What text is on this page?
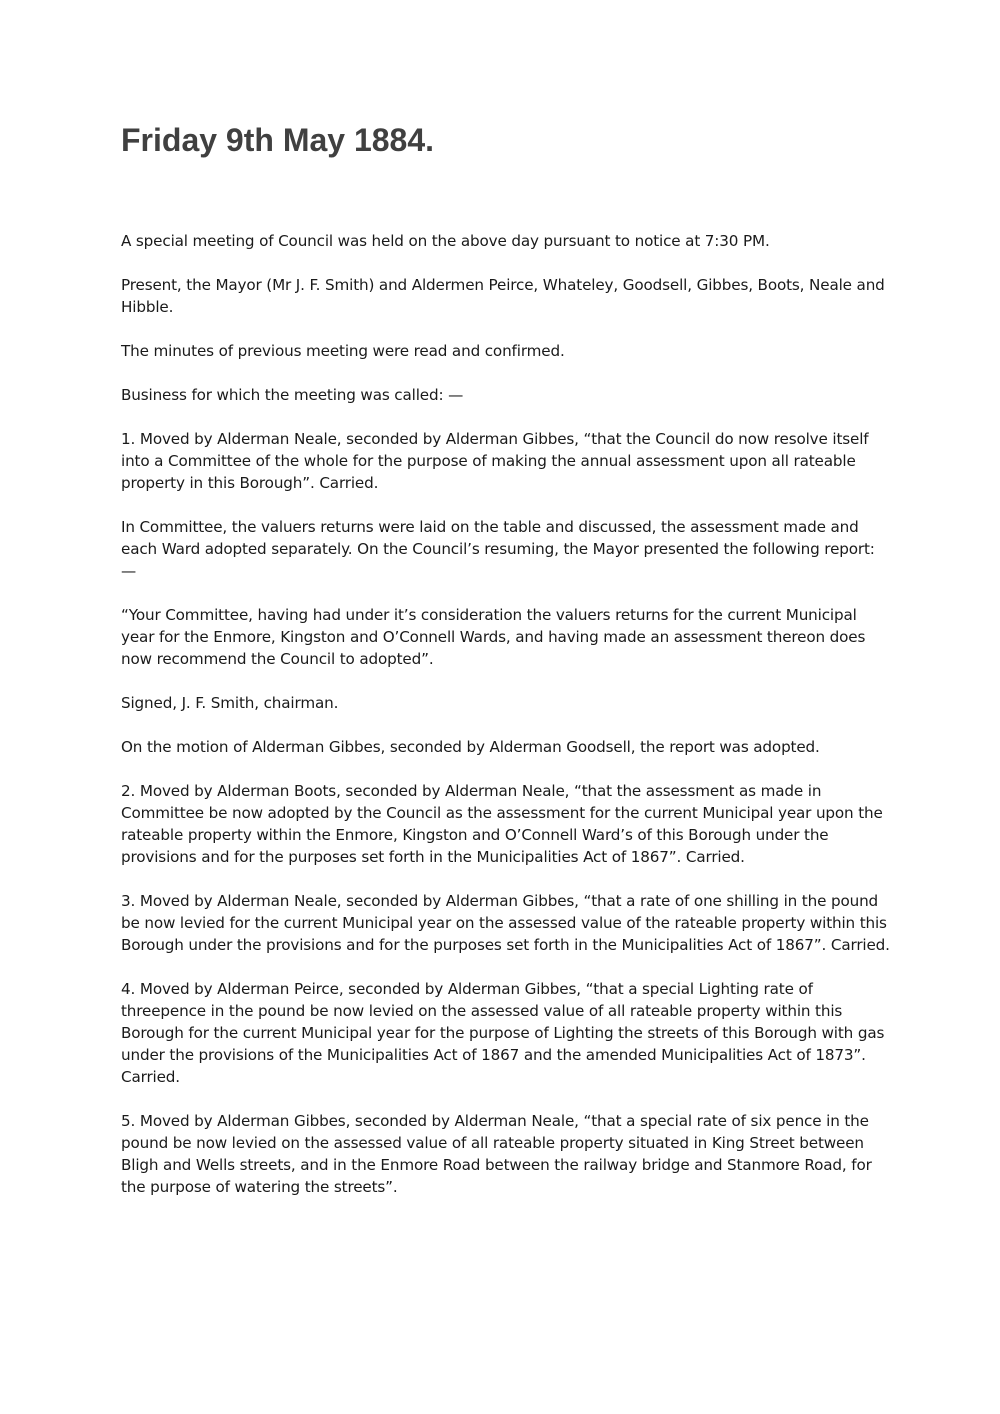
Friday 9th May 1884.

A special meeting of Council was held on the above day pursuant to notice at 7:30 PM.

Present, the Mayor (Mr J. F. Smith) and Aldermen Peirce, Whateley, Goodsell, Gibbes, Boots, Neale and Hibble.

The minutes of previous meeting were read and confirmed.

Business for which the meeting was called: —

1. Moved by Alderman Neale, seconded by Alderman Gibbes, “that the Council do now resolve itself into a Committee of the whole for the purpose of making the annual assessment upon all rateable property in this Borough”. Carried.

In Committee, the valuers returns were laid on the table and discussed, the assessment made and each Ward adopted separately. On the Council’s resuming, the Mayor presented the following report: —

“Your Committee, having had under it’s consideration the valuers returns for the current Municipal year for the Enmore, Kingston and O’Connell Wards, and having made an assessment thereon does now recommend the Council to adopted”.

Signed, J. F. Smith, chairman.

On the motion of Alderman Gibbes, seconded by Alderman Goodsell, the report was adopted.

2. Moved by Alderman Boots, seconded by Alderman Neale, “that the assessment as made in Committee be now adopted by the Council as the assessment for the current Municipal year upon the rateable property within the Enmore, Kingston and O’Connell Ward’s of this Borough under the provisions and for the purposes set forth in the Municipalities Act of 1867”. Carried.

3. Moved by Alderman Neale, seconded by Alderman Gibbes, “that a rate of one shilling in the pound be now levied for the current Municipal year on the assessed value of the rateable property within this Borough under the provisions and for the purposes set forth in the Municipalities Act of 1867”. Carried.

4. Moved by Alderman Peirce, seconded by Alderman Gibbes, “that a special Lighting rate of threepence in the pound be now levied on the assessed value of all rateable property within this Borough for the current Municipal year for the purpose of Lighting the streets of this Borough with gas under the provisions of the Municipalities Act of 1867 and the amended Municipalities Act of 1873”. Carried.

5. Moved by Alderman Gibbes, seconded by Alderman Neale, “that a special rate of six pence in the pound be now levied on the assessed value of all rateable property situated in King Street between Bligh and Wells streets, and in the Enmore Road between the railway bridge and Stanmore Road, for the purpose of watering the streets”.
